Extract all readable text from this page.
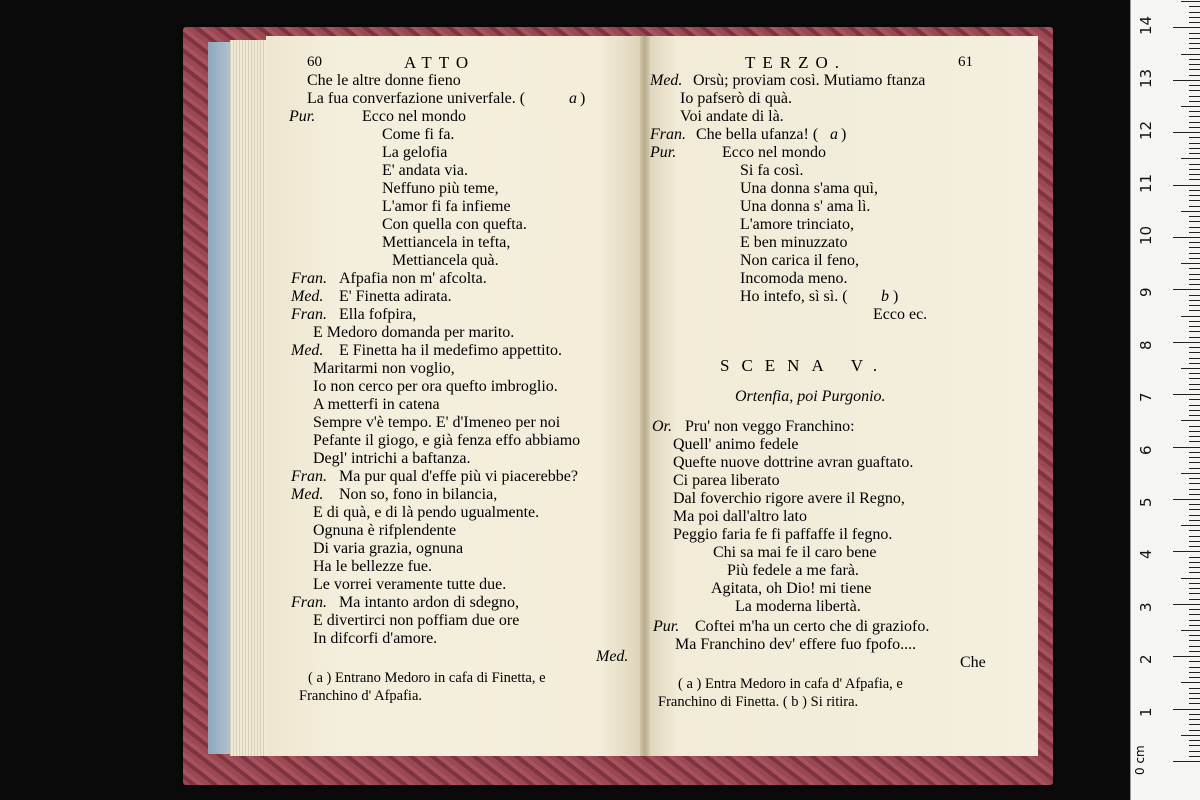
60	ATTO	TERZO.	61
SCENA V.
Che le altre donne fieno
La fua converfazione univerfale. (
Pur.	Ecco nel mondo
Come fi fa.
La gelofia
E' andata via.
Neffuno più teme,
L'amor fi fa infieme
Con quella con quefta.
Mettiancela in tefta,
Mettiancela quà.
Fran. Afpafia non m' afcolta.
Med. E' Finetta adirata.
Fran. Ella fofpira,
E Medoro domanda per marito.
Med. E Finetta ha il medefimo appettito.
Maritarmi non voglio,
Io non cerco per ora quefto imbroglio.
A metterfi in catena
Sempre v'è tempo. E' d'Imeneo per noi
Pefante il giogo, e già fenza effo abbiamo
Degl' intrichi a baftanza.
Fran. Ma pur qual d'effe più vi piacerebbe?
Med. Non so, fono in bilancia,
E di quà, e di là pendo ugualmente.
Ognuna è rifplendente
Di varia grazia, ognuna
Ha le bellezze fue.
Le vorrei veramente tutte due.
Fran. Ma intanto ardon di sdegno,
E divertirci non poffiam due ore
In difcorfi d'amore.
Med.
( a ) Entrano Medoro in cafa di Finetta, e
Franchino d' Afpafia.
Med. Orsù; proviam così. Mutiamo ftanza
Io pafserò di quà.
Voi andate di là.
Fran. Che bella ufanza! (
Pur.	Ecco nel mondo
Si fa così.
Una donna s'ama quì,
Una donna s' ama lì.
L'amore trinciato,
E ben minuzzato
Non carica il feno,
Incomoda meno.
Ho intefo, sì sì. (
Ecco ec.
Ortenfia, poi Purgonio.
Or. Pru' non veggo Franchino:
Quell' animo fedele
Quefte nuove dottrine avran guaftato.
Ci parea liberato
Dal foverchio rigore avere il Regno,
Ma poi dall'altro lato
Peggio faria fe fi paffaffe il fegno.
Chi sa mai fe il caro bene
Più fedele a me farà.
Agitata, oh Dio! mi tiene
La moderna libertà.
Pur. Coftei m'ha un certo che di graziofo.
Ma Franchino dev' effere fuo fpofo....
Che
( a ) Entra Medoro in cafa d' Afpafia, e
Franchino di Finetta. ( b ) Si ritira.
a )
a )
b )
1
2
3
4
5
6
7
8
9
10
11
12
13
14
0 cm
